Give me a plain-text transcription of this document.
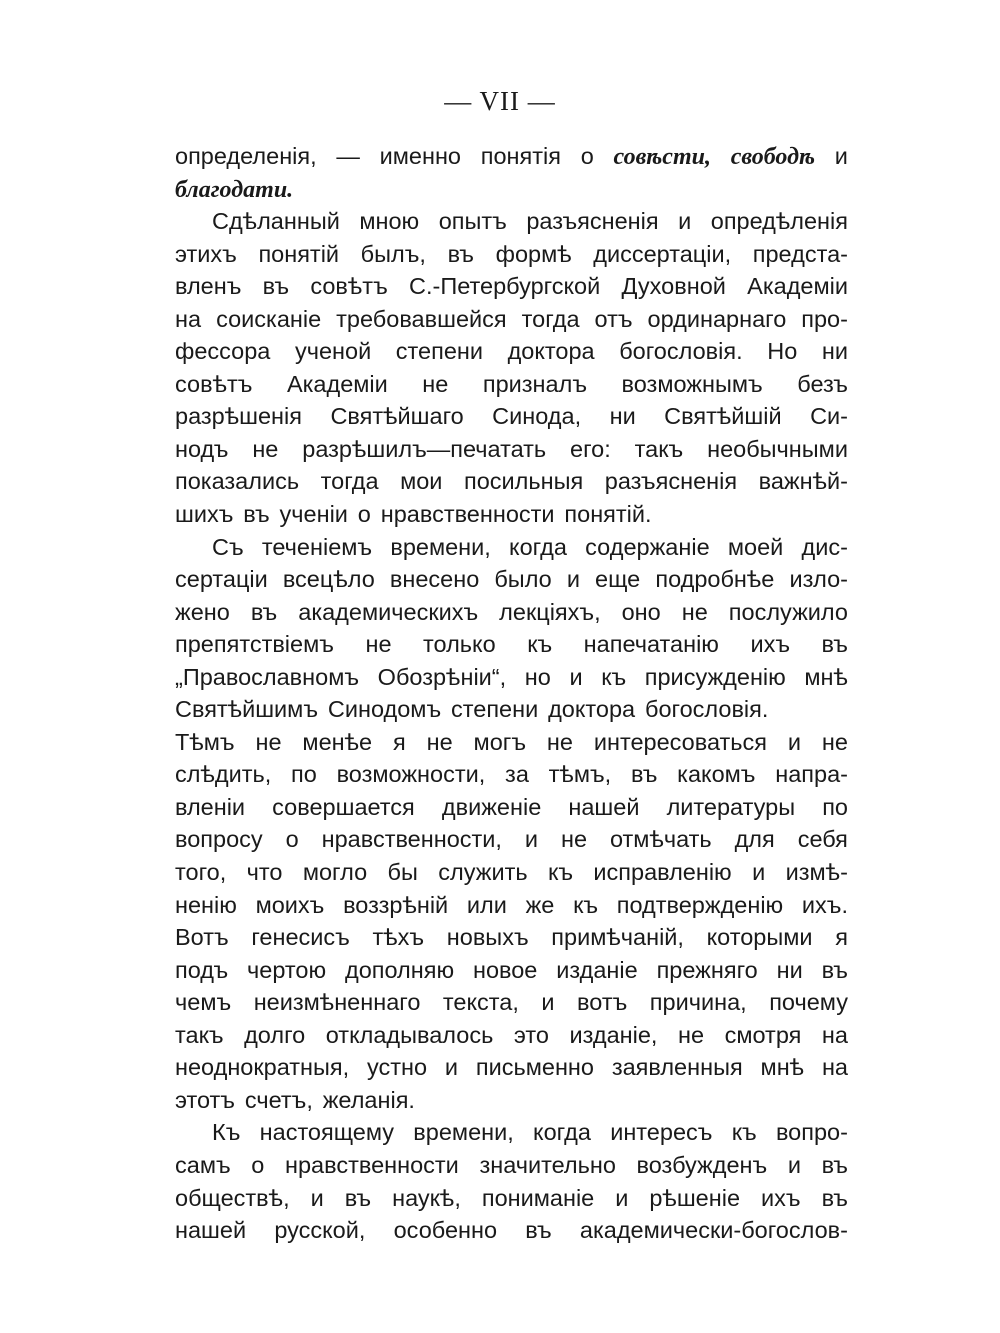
— VII —
определенія, — именно понятія о совѣсти, свободѣ и
благодати.
Сдѣланный мною опытъ разъясненія и опредѣленія
этихъ понятій былъ, въ формѣ диссертаціи, предста-
вленъ въ совѣтъ С.-Петербургской Духовной Академіи
на соисканіе требовавшейся тогда отъ ординарнаго про-
фессора ученой степени доктора богословія. Но ни
совѣтъ Академіи не призналъ возможнымъ безъ
разрѣшенія Святѣйшаго Синода, ни Святѣйшій Си-
нодъ не разрѣшилъ—печатать его: такъ необычными
показались тогда мои посильныя разъясненія важнѣй-
шихъ въ ученіи о нравственности понятій.
Съ теченіемъ времени, когда содержаніе моей дис-
сертаціи всецѣло внесено было и еще подробнѣе изло-
жено въ академическихъ лекціяхъ, оно не послужило
препятствіемъ не только къ напечатанію ихъ въ
„Православномъ Обозрѣніи“, но и къ присужденію мнѣ
Святѣйшимъ Синодомъ степени доктора богословія.
Тѣмъ не менѣе я не могъ не интересоваться и не
слѣдить, по возможности, за тѣмъ, въ какомъ напра-
вленіи совершается движеніе нашей литературы по
вопросу о нравственности, и не отмѣчать для себя
того, что могло бы служить къ исправленію и измѣ-
ненію моихъ воззрѣній или же къ подтвержденію ихъ.
Вотъ генесисъ тѣхъ новыхъ примѣчаній, которыми я
подъ чертою дополняю новое изданіе прежняго ни въ
чемъ неизмѣненнаго текста, и вотъ причина, почему
такъ долго откладывалось это изданіе, не смотря на
неоднократныя, устно и письменно заявленныя мнѣ на
этотъ счетъ, желанія.
Къ настоящему времени, когда интересъ къ вопро-
самъ о нравственности значительно возбужденъ и въ
обществѣ, и въ наукѣ, пониманіе и рѣшеніе ихъ въ
нашей русской, особенно въ академически-богослов-
